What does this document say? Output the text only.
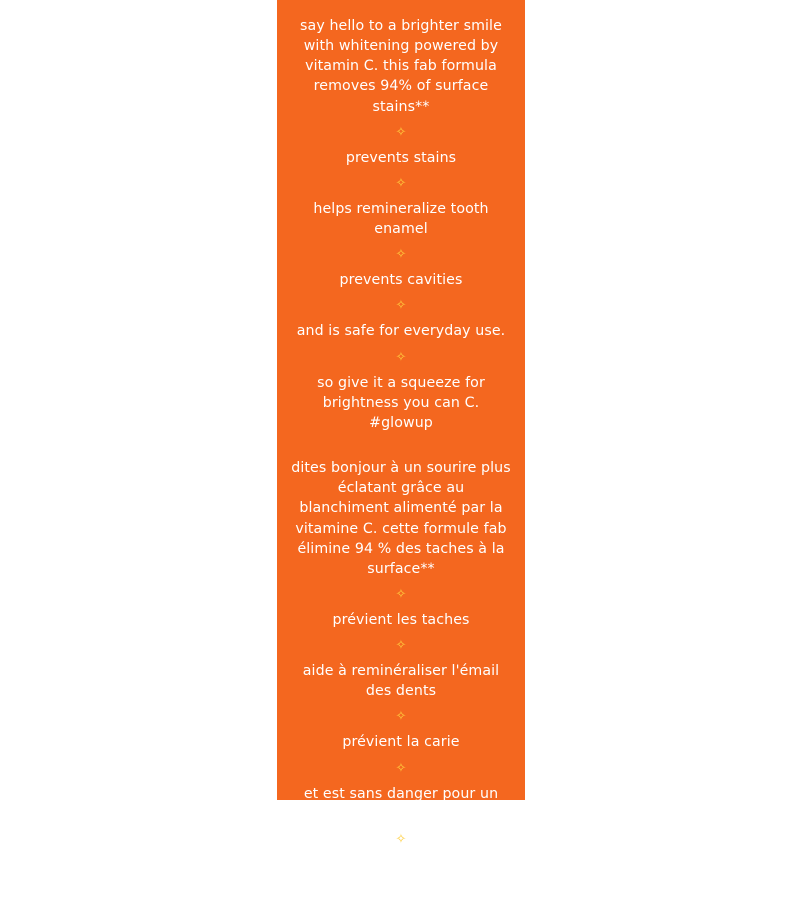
say hello to a brighter smile with whitening powered by vitamin C. this fab formula removes 94% of surface stains**
✧
prevents stains
✧
helps remineralize tooth enamel
✧
prevents cavities
✧
and is safe for everyday use.
✧
so give it a squeeze for brightness you can C. #glowup
dites bonjour à un sourire plus éclatant grâce au blanchiment alimenté par la vitamine C. cette formule fab élimine 94 % des taches à la surface**
✧
prévient les taches
✧
aide à reminéraliser l'émail des dents
✧
prévient la carie
✧
et est sans danger pour un usage quotidien.
✧
alors essayez-le pour obtenir un éclat que vous pouvez voir. #gagnezdeléclat
